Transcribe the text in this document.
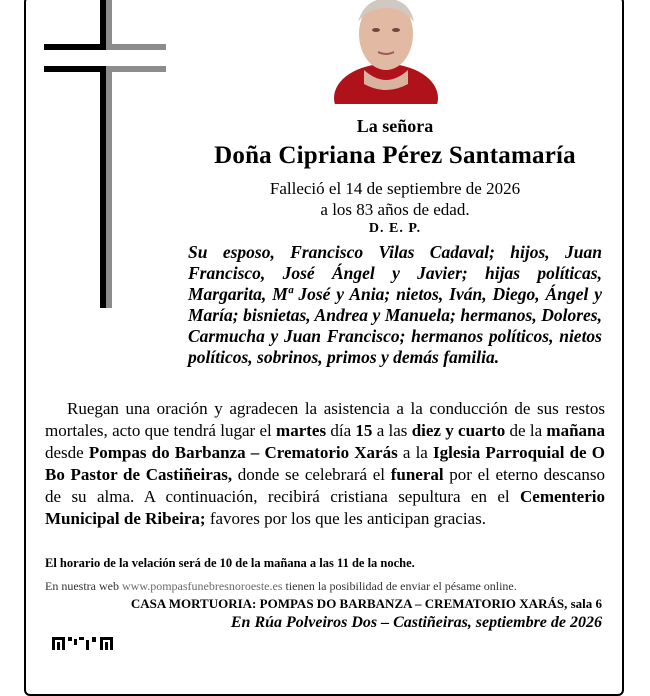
La señora
Doña Cipriana Pérez Santamaría
Falleció el 14 de septiembre de 2026
a los 83 años de edad.
D. E. P.
Su esposo, Francisco Vilas Cadaval; hijos, Juan Francisco, José Ángel y Javier; hijas políticas, Margarita, Mª José y Ania; nietos, Iván, Diego, Ángel y María; bisnietas, Andrea y Manuela; hermanos, Dolores, Carmucha y Juan Francisco; hermanos políticos, nietos políticos, sobrinos, primos y demás familia.
Ruegan una oración y agradecen la asistencia a la conducción de sus restos mortales, acto que tendrá lugar el martes día 15 a las diez y cuarto de la mañana desde Pompas do Barbanza – Crematorio Xarás a la Iglesia Parroquial de O Bo Pastor de Castiñeiras, donde se celebrará el funeral por el eterno descanso de su alma. A continuación, recibirá cristiana sepultura en el Cementerio Municipal de Ribeira; favores por los que les anticipan gracias.
El horario de la velación será de 10 de la mañana a las 11 de la noche.
En nuestra web www.pompasfunebresnoroeste.es tienen la posibilidad de enviar el pésame online.
CASA MORTUORIA: POMPAS DO BARBANZA – CREMATORIO XARÁS, sala 6
En Rúa Polveiros Dos – Castiñeiras, septiembre de 2026
